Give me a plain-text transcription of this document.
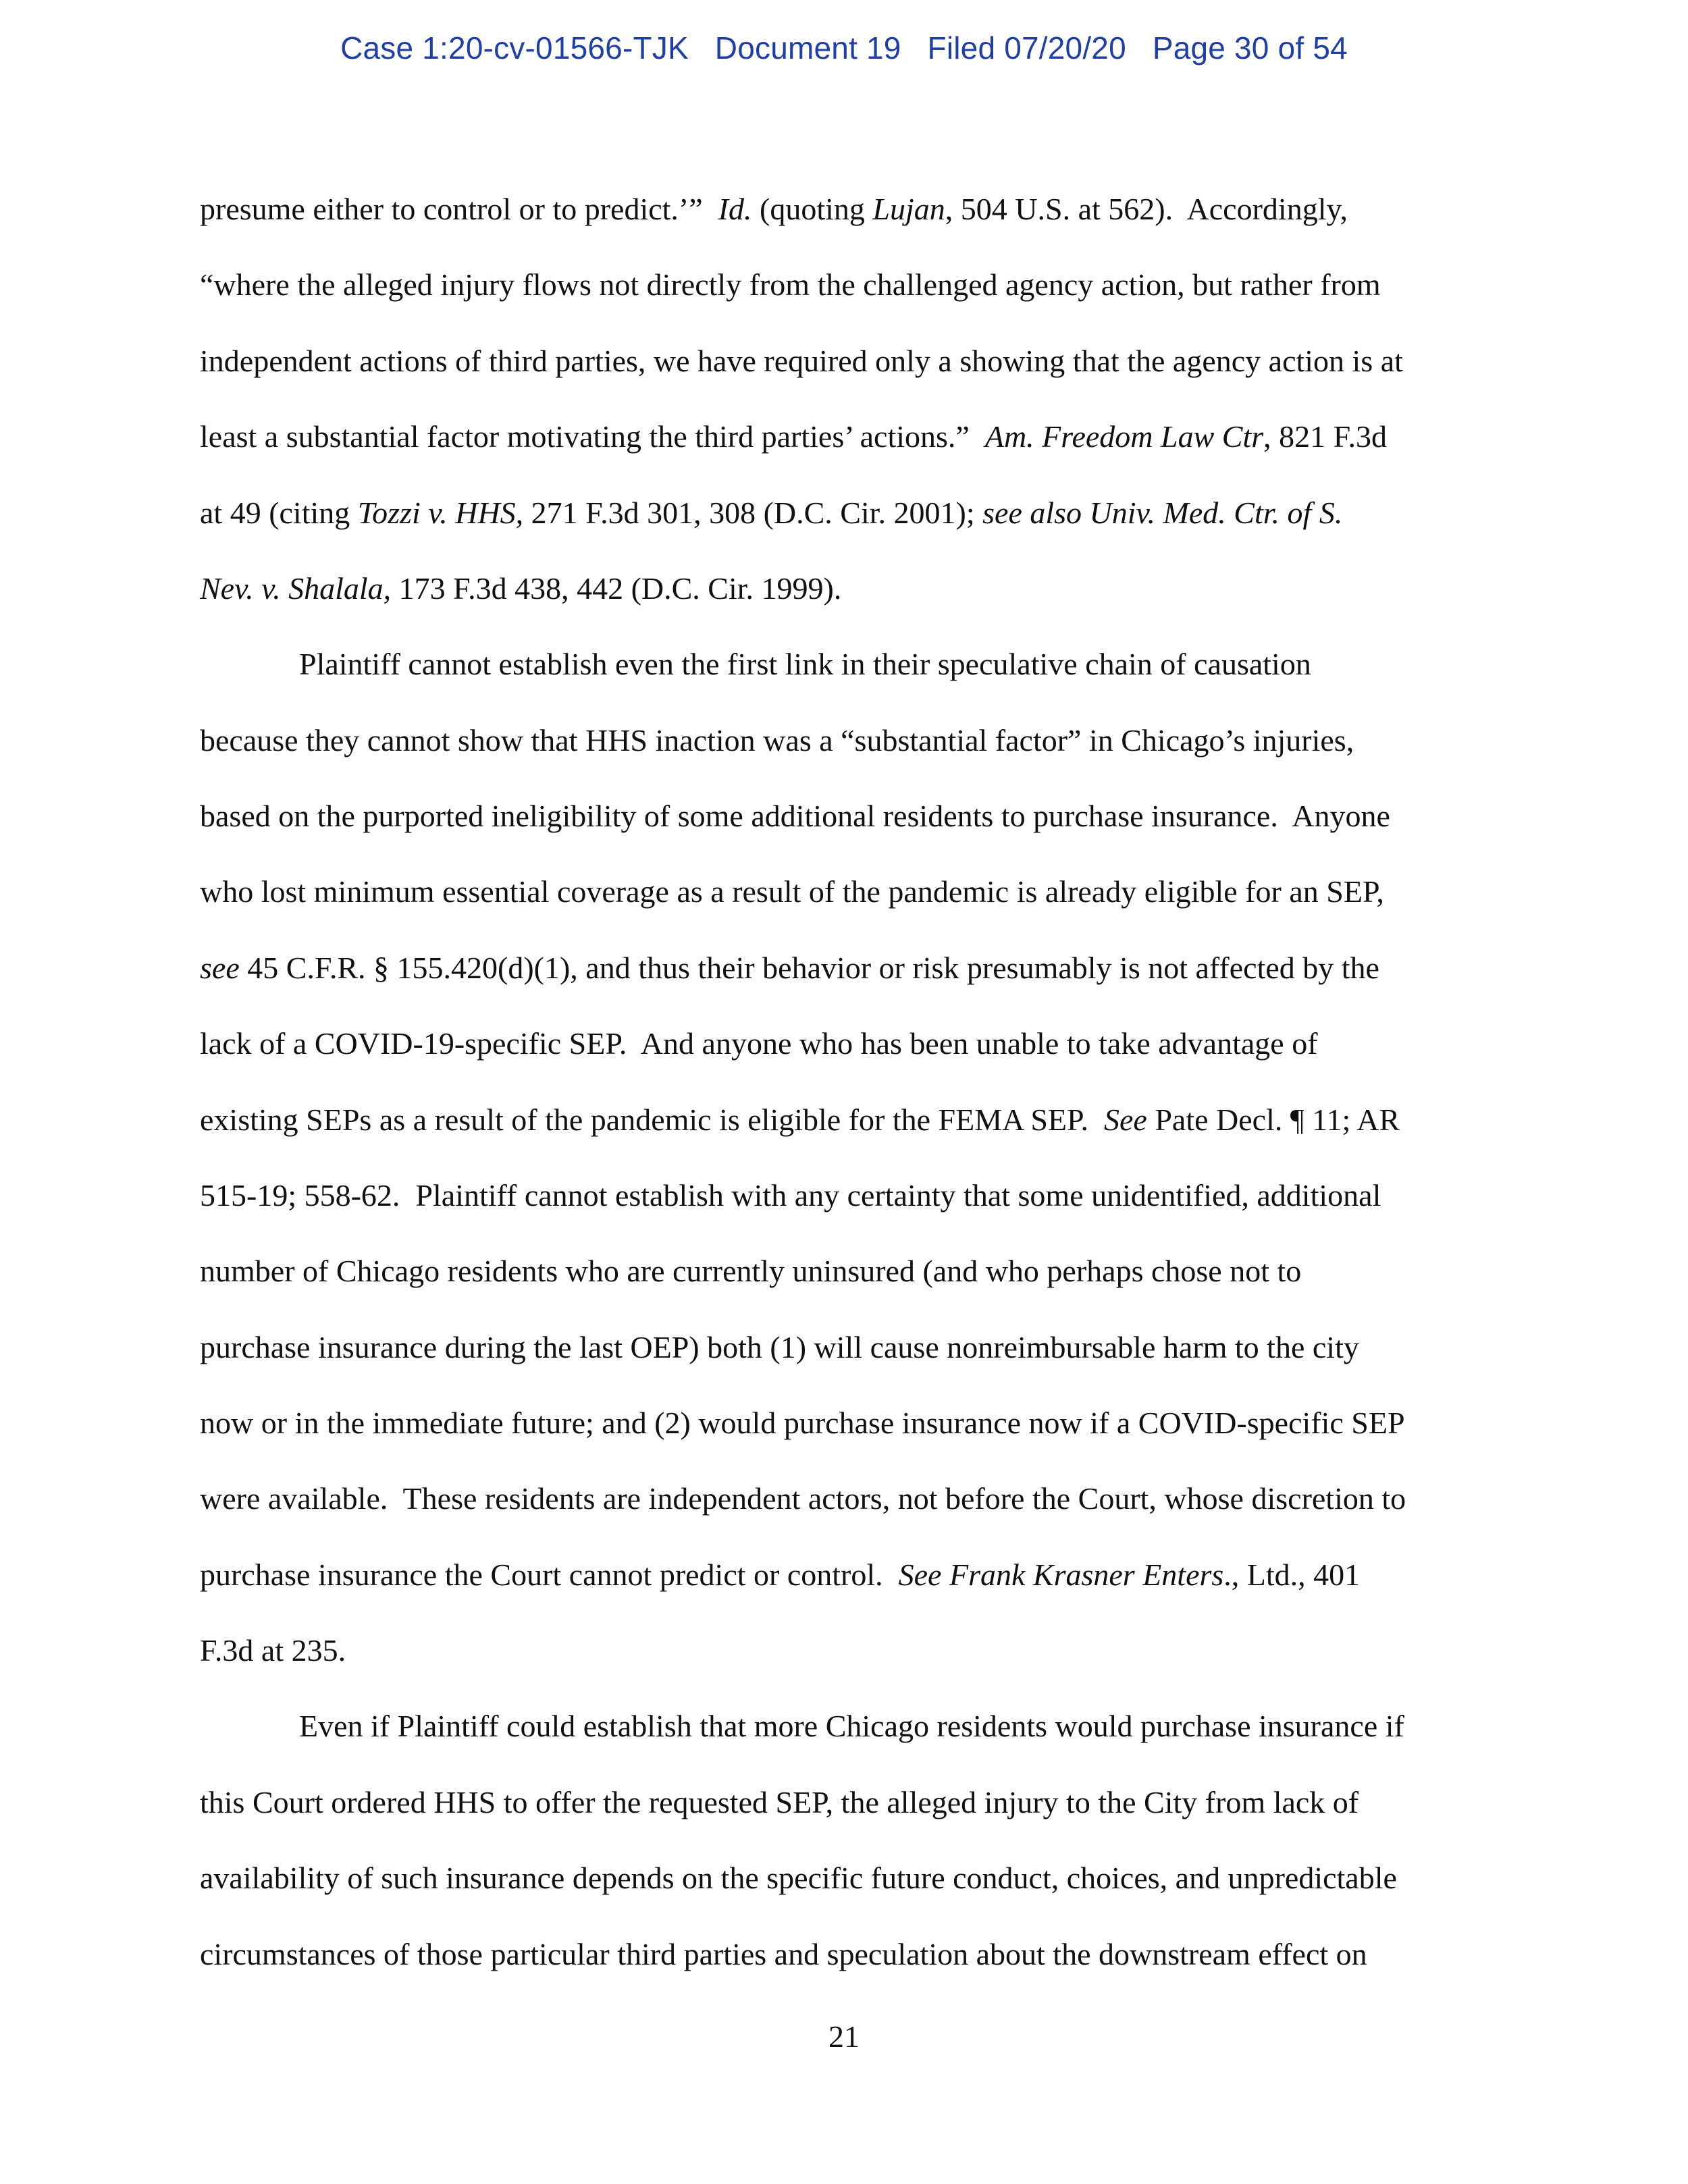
Case 1:20-cv-01566-TJK   Document 19   Filed 07/20/20   Page 30 of 54
presume either to control or to predict.’”  Id. (quoting Lujan, 504 U.S. at 562).  Accordingly,
“where the alleged injury flows not directly from the challenged agency action, but rather from
independent actions of third parties, we have required only a showing that the agency action is at
least a substantial factor motivating the third parties’ actions.”  Am. Freedom Law Ctr, 821 F.3d
at 49 (citing Tozzi v. HHS, 271 F.3d 301, 308 (D.C. Cir. 2001); see also Univ. Med. Ctr. of S.
Nev. v. Shalala, 173 F.3d 438, 442 (D.C. Cir. 1999).
Plaintiff cannot establish even the first link in their speculative chain of causation
because they cannot show that HHS inaction was a “substantial factor” in Chicago’s injuries,
based on the purported ineligibility of some additional residents to purchase insurance.  Anyone
who lost minimum essential coverage as a result of the pandemic is already eligible for an SEP,
see 45 C.F.R. § 155.420(d)(1), and thus their behavior or risk presumably is not affected by the
lack of a COVID-19-specific SEP.  And anyone who has been unable to take advantage of
existing SEPs as a result of the pandemic is eligible for the FEMA SEP.  See Pate Decl. ¶ 11; AR
515-19; 558-62.  Plaintiff cannot establish with any certainty that some unidentified, additional
number of Chicago residents who are currently uninsured (and who perhaps chose not to
purchase insurance during the last OEP) both (1) will cause nonreimbursable harm to the city
now or in the immediate future; and (2) would purchase insurance now if a COVID-specific SEP
were available.  These residents are independent actors, not before the Court, whose discretion to
purchase insurance the Court cannot predict or control.  See Frank Krasner Enters., Ltd., 401
F.3d at 235.
Even if Plaintiff could establish that more Chicago residents would purchase insurance if
this Court ordered HHS to offer the requested SEP, the alleged injury to the City from lack of
availability of such insurance depends on the specific future conduct, choices, and unpredictable
circumstances of those particular third parties and speculation about the downstream effect on
21
